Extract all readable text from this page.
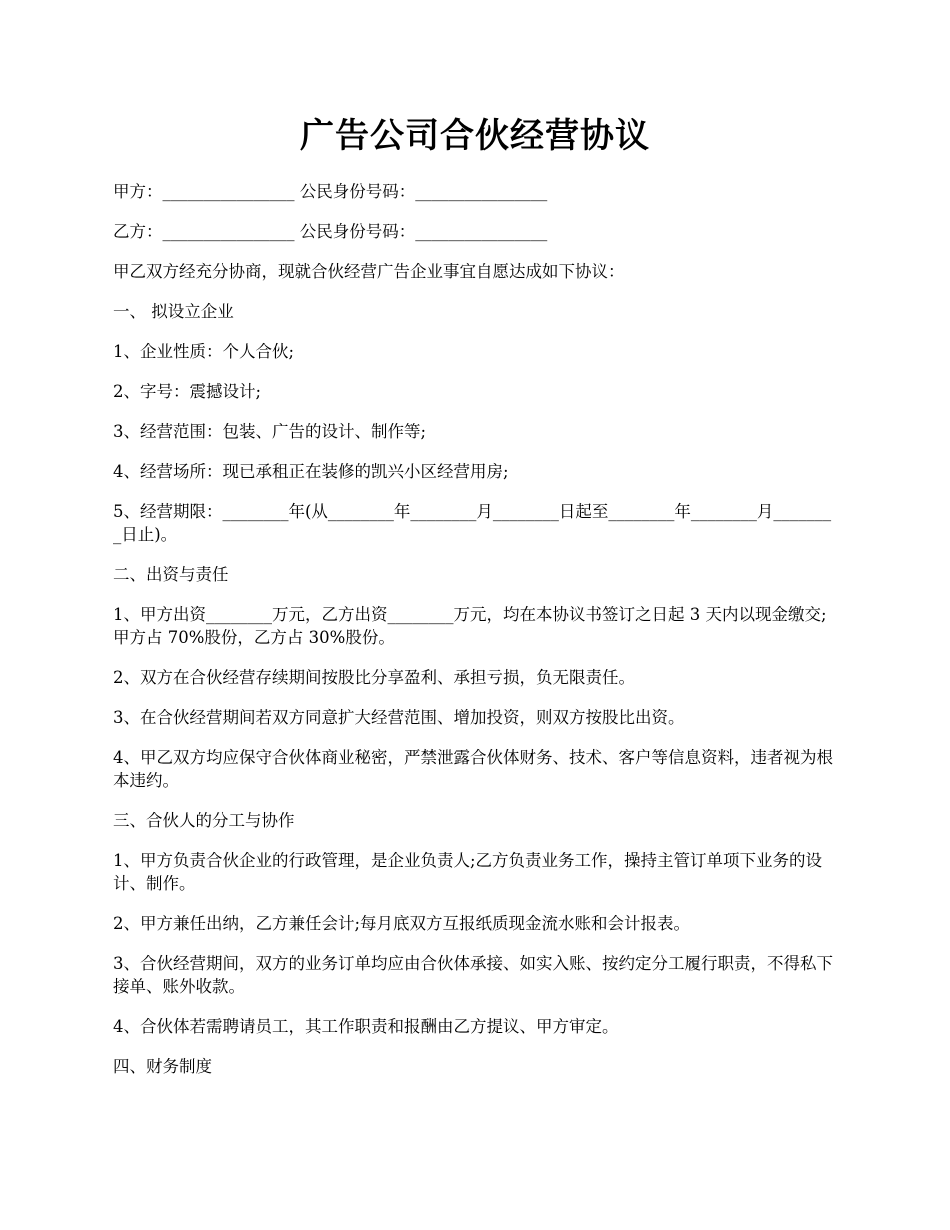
广告公司合伙经营协议

甲方：________________ 公民身份号码：________________

乙方：________________ 公民身份号码：________________

甲乙双方经充分协商，现就合伙经营广告企业事宜自愿达成如下协议：

一、 拟设立企业

1、企业性质：个人合伙;

2、字号：震撼设计;

3、经营范围：包装、广告的设计、制作等;

4、经营场所：现已承租正在装修的凯兴小区经营用房;

5、经营期限：________年(从________年________月________日起至________年________月________日止)。

二、出资与责任

1、甲方出资________万元，乙方出资________万元，均在本协议书签订之日起 3 天内以现金缴交;甲方占 70%股份，乙方占 30%股份。

2、双方在合伙经营存续期间按股比分享盈利、承担亏损，负无限责任。

3、在合伙经营期间若双方同意扩大经营范围、增加投资，则双方按股比出资。

4、甲乙双方均应保守合伙体商业秘密，严禁泄露合伙体财务、技术、客户等信息资料，违者视为根本违约。

三、合伙人的分工与协作

1、甲方负责合伙企业的行政管理，是企业负责人;乙方负责业务工作，操持主管订单项下业务的设计、制作。

2、甲方兼任出纳，乙方兼任会计;每月底双方互报纸质现金流水账和会计报表。

3、合伙经营期间，双方的业务订单均应由合伙体承接、如实入账、按约定分工履行职责，不得私下接单、账外收款。

4、合伙体若需聘请员工，其工作职责和报酬由乙方提议、甲方审定。

四、财务制度
